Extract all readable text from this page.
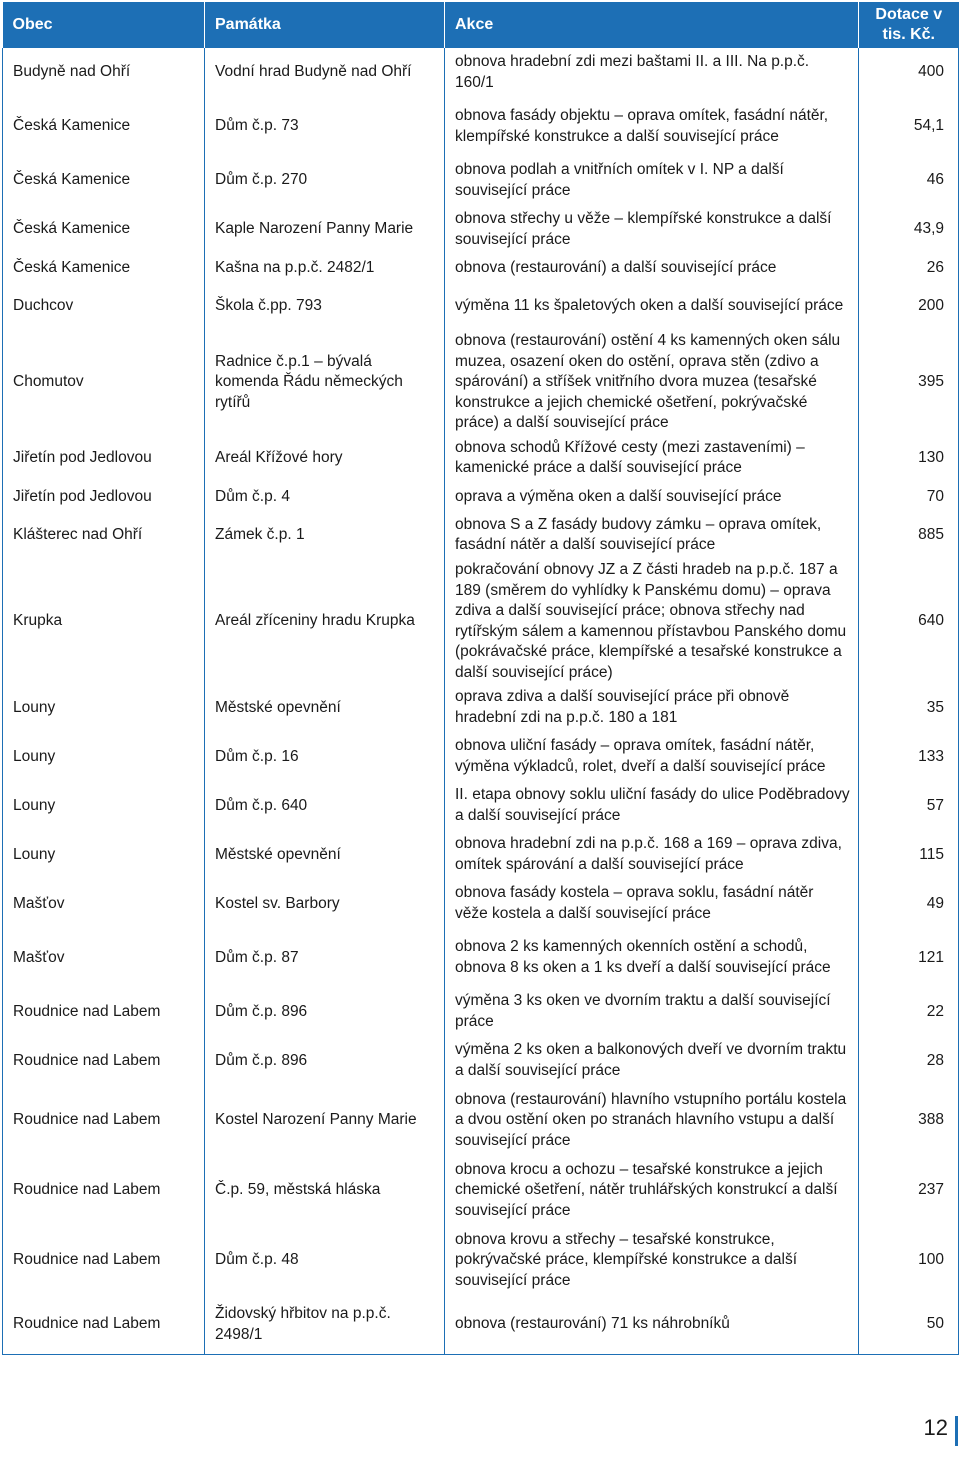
Obec	Památka	Akce	Dotace v tis. Kč.
Budyně nad Ohří	Vodní hrad Budyně nad Ohří	obnova hradební zdi mezi baštami II. a III. Na p.p.č. 160/1	400
Česká Kamenice	Dům č.p. 73	obnova fasády objektu – oprava omítek, fasádní nátěr, klempířské konstrukce a další související práce	54,1
Česká Kamenice	Dům č.p. 270	obnova podlah a vnitřních omítek v I. NP a další související práce	46
Česká Kamenice	Kaple Narození Panny Marie	obnova střechy u věže – klempířské konstrukce a další související práce	43,9
Česká Kamenice	Kašna na p.p.č. 2482/1	obnova (restaurování) a další související práce	26
Duchcov	Škola č.pp. 793	výměna 11 ks špaletových oken a další související práce	200
Chomutov	Radnice č.p.1 – bývalá komenda Řádu německých rytířů	obnova (restaurování) ostění 4 ks kamenných oken sálu muzea, osazení oken do ostění, oprava stěn (zdivo a spárování) a stříšek vnitřního dvora muzea (tesařské konstrukce a jejich chemické ošetření, pokrývačské práce) a další související práce	395
Jiřetín pod Jedlovou	Areál Křížové hory	obnova schodů Křížové cesty (mezi zastaveními) – kamenické práce a další související práce	130
Jiřetín pod Jedlovou	Dům č.p. 4	oprava a výměna oken a další související práce	70
Klášterec nad Ohří	Zámek č.p. 1	obnova S a Z fasády budovy zámku – oprava omítek, fasádní nátěr a další související práce	885
Krupka	Areál zříceniny hradu Krupka	pokračování obnovy JZ a Z části hradeb na p.p.č. 187 a 189 (směrem do vyhlídky k Panskému domu) – oprava zdiva a další související práce; obnova střechy nad rytířským sálem a kamennou přístavbou Panského domu (pokrávačské práce, klempířské a tesařské konstrukce a další související práce)	640
Louny	Městské opevnění	oprava zdiva a další související práce při obnově hradební zdi na p.p.č. 180 a 181	35
Louny	Dům č.p. 16	obnova uliční fasády – oprava omítek, fasádní nátěr, výměna výkladců, rolet, dveří a další související práce	133
Louny	Dům č.p. 640	II. etapa obnovy soklu uliční fasády do ulice Poděbradovy a další související práce	57
Louny	Městské opevnění	obnova hradební zdi na p.p.č. 168 a 169 – oprava zdiva, omítek spárování a další související práce	115
Mašťov	Kostel sv. Barbory	obnova fasády kostela – oprava soklu, fasádní nátěr věže kostela a další související práce	49
Mašťov	Dům č.p. 87	obnova 2 ks kamenných okenních ostění a schodů, obnova 8 ks oken a 1 ks dveří a další související práce	121
Roudnice nad Labem	Dům č.p. 896	výměna 3 ks oken ve dvorním traktu a další související práce	22
Roudnice nad Labem	Dům č.p. 896	výměna 2 ks oken a balkonových dveří ve dvorním traktu a další související práce	28
Roudnice nad Labem	Kostel Narození Panny Marie	obnova (restaurování) hlavního vstupního portálu kostela a dvou ostění oken po stranách hlavního vstupu a další související práce	388
Roudnice nad Labem	Č.p. 59, městská hláska	obnova krocu a ochozu – tesařské konstrukce a jejich chemické ošetření, nátěr truhlářských konstrukcí a další související práce	237
Roudnice nad Labem	Dům č.p. 48	obnova krovu a střechy – tesařské konstrukce, pokrývačské práce, klempířské konstrukce a další související práce	100
Roudnice nad Labem	Židovský hřbitov na p.p.č. 2498/1	obnova (restaurování) 71 ks náhrobníků	50
12
